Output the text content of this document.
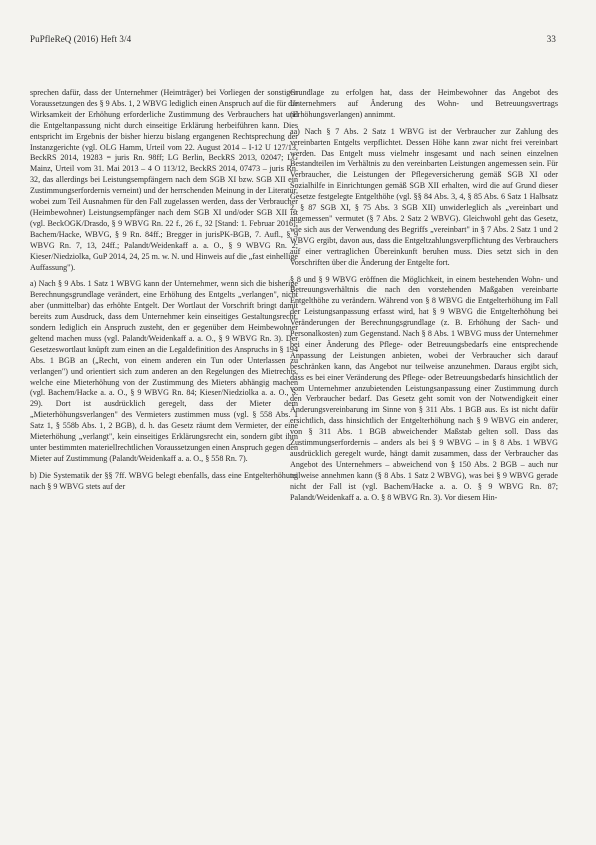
PuPfleReQ (2016) Heft 3/4	33

sprechen dafür, dass der Unternehmer (Heimträger) bei Vorliegen der sonstigen Voraussetzungen des § 9 Abs. 1, 2 WBVG lediglich einen Anspruch auf die für die Wirksamkeit der Erhöhung erforderliche Zustimmung des Verbrauchers hat und die Entgeltanpassung nicht durch einseitige Erklärung herbeiführen kann. Dies entspricht im Ergebnis der bisher hierzu bislang ergangenen Rechtsprechung der Instanzgerichte (vgl. OLG Hamm, Urteil vom 22. August 2014 – I-12 U 127/13, BeckRS 2014, 19283 = juris Rn. 98ff; LG Berlin, BeckRS 2013, 02047; LG Mainz, Urteil vom 31. Mai 2013 – 4 O 113/12, BeckRS 2014, 07473 – juris Rn. 32, das allerdings bei Leistungsempfängern nach dem SGB XI bzw. SGB XII ein Zustimmungserfordernis verneint) und der herrschenden Meinung in der Literatur, wobei zum Teil Ausnahmen für den Fall zugelassen werden, dass der Verbraucher (Heimbewohner) Leistungsempfänger nach dem SGB XI und/oder SGB XII ist (vgl. BeckOGK/Drasdo, § 9 WBVG Rn. 22 f., 26 f., 32 [Stand: 1. Februar 2016]; Bachem/Hacke, WBVG, § 9 Rn. 84ff.; Bregger in jurisPK-BGB, 7. Aufl., § 9 WBVG Rn. 7, 13, 24ff.; Palandt/Weidenkaff a. a. O., § 9 WBVG Rn. 2; Kieser/Niedziolka, GuP 2014, 24, 25 m. w. N. und Hinweis auf die „fast einhellige Auffassung").

a) Nach § 9 Abs. 1 Satz 1 WBVG kann der Unternehmer, wenn sich die bisherige Berechnungsgrundlage verändert, eine Erhöhung des Entgelts „verlangen", nicht aber (unmittelbar) das erhöhte Entgelt. Der Wortlaut der Vorschrift bringt damit bereits zum Ausdruck, dass dem Unternehmer kein einseitiges Gestaltungsrecht, sondern lediglich ein Anspruch zusteht, den er gegenüber dem Heimbewohner geltend machen muss (vgl. Palandt/Weidenkaff a. a. O., § 9 WBVG Rn. 3). Der Gesetzeswortlaut knüpft zum einen an die Legaldefinition des Anspruchs in § 194 Abs. 1 BGB an („Recht, von einem anderen ein Tun oder Unterlassen zu verlangen") und orientiert sich zum anderen an den Regelungen des Mietrechts, welche eine Mieterhöhung von der Zustimmung des Mieters abhängig machen (vgl. Bachem/Hacke a. a. O., § 9 WBVG Rn. 84; Kieser/Niedziolka a. a. O., S. 29). Dort ist ausdrücklich geregelt, dass der Mieter dem „Mieterhöhungsverlangen" des Vermieters zustimmen muss (vgl. § 558 Abs. 1 Satz 1, § 558b Abs. 1, 2 BGB), d. h. das Gesetz räumt dem Vermieter, der eine Mieterhöhung „verlangt", kein einseitiges Erklärungsrecht ein, sondern gibt ihm unter bestimmten materiellrechtlichen Voraussetzungen einen Anspruch gegen den Mieter auf Zustimmung (Palandt/Weidenkaff a. a. O., § 558 Rn. 7).

b) Die Systematik der §§ 7ff. WBVG belegt ebenfalls, dass eine Entgelterhöhung nach § 9 WBVG stets auf der

Grundlage zu erfolgen hat, dass der Heimbewohner das Angebot des Unternehmers auf Änderung des Wohn- und Betreuungsvertrags (Erhöhungsverlangen) annimmt.

aa) Nach § 7 Abs. 2 Satz 1 WBVG ist der Verbraucher zur Zahlung des vereinbarten Entgelts verpflichtet. Dessen Höhe kann zwar nicht frei vereinbart werden. Das Entgelt muss vielmehr insgesamt und nach seinen einzelnen Bestandteilen im Verhältnis zu den vereinbarten Leistungen angemessen sein. Für Verbraucher, die Leistungen der Pflegeversicherung gemäß SGB XI oder Sozialhilfe in Einrichtungen gemäß SGB XII erhalten, wird die auf Grund dieser Gesetze festgelegte Entgelthöhe (vgl. §§ 84 Abs. 3, 4, § 85 Abs. 6 Satz 1 Halbsatz 2, § 87 SGB XI, § 75 Abs. 3 SGB XII) unwiderleglich als „vereinbart und angemessen" vermutet (§ 7 Abs. 2 Satz 2 WBVG). Gleichwohl geht das Gesetz, wie sich aus der Verwendung des Begriffs „vereinbart" in § 7 Abs. 2 Satz 1 und 2 WBVG ergibt, davon aus, dass die Entgeltzahlungsverpflichtung des Verbrauchers auf einer vertraglichen Übereinkunft beruhen muss. Dies setzt sich in den Vorschriften über die Änderung der Entgelte fort.

§ 8 und § 9 WBVG eröffnen die Möglichkeit, in einem bestehenden Wohn- und Betreuungsverhältnis die nach den vorstehenden Maßgaben vereinbarte Entgelthöhe zu verändern. Während von § 8 WBVG die Entgelterhöhung im Fall der Leistungsanpassung erfasst wird, hat § 9 WBVG die Entgelterhöhung bei Veränderungen der Berechnungsgrundlage (z. B. Erhöhung der Sach- und Personalkosten) zum Gegenstand. Nach § 8 Abs. 1 WBVG muss der Unternehmer bei einer Änderung des Pflege- oder Betreuungsbedarfs eine entsprechende Anpassung der Leistungen anbieten, wobei der Verbraucher sich darauf beschränken kann, das Angebot nur teilweise anzunehmen. Daraus ergibt sich, dass es bei einer Veränderung des Pflege- oder Betreuungsbedarfs hinsichtlich der vom Unternehmer anzubietenden Leistungsanpassung einer Zustimmung durch den Verbraucher bedarf. Das Gesetz geht somit von der Notwendigkeit einer Änderungsvereinbarung im Sinne von § 311 Abs. 1 BGB aus. Es ist nicht dafür ersichtlich, dass hinsichtlich der Entgelterhöhung nach § 9 WBVG ein anderer, von § 311 Abs. 1 BGB abweichender Maßstab gelten soll. Dass das Zustimmungserfordernis – anders als bei § 9 WBVG – in § 8 Abs. 1 WBVG ausdrücklich geregelt wurde, hängt damit zusammen, dass der Verbraucher das Angebot des Unternehmers – abweichend von § 150 Abs. 2 BGB – auch nur teilweise annehmen kann (§ 8 Abs. 1 Satz 2 WBVG), was bei § 9 WBVG gerade nicht der Fall ist (vgl. Bachem/Hacke a. a. O. § 9 WBVG Rn. 87; Palandt/Weidenkaff a. a. O. § 8 WBVG Rn. 3). Vor diesem Hin-
